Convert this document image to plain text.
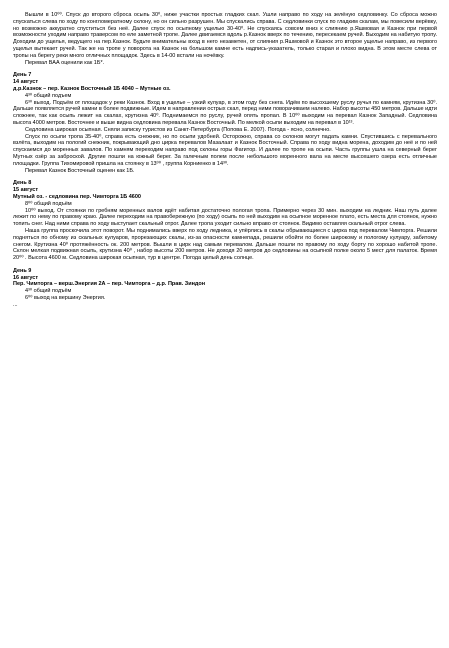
Вышли в 10⁰⁰. Спуск до второго сброса осыпь 30⁰, ниже участки простых гладких скал. Ушли направо по ходу на зелёную седловинку. Со сброса можно спускаться слева по ходу по конгломератному склону, но он сильно разрушен. Мы спускались справа. С седловинки спуск по гладким скалам, мы повесили верёвку, но возможно аккуратно спуститься без неё. Далее спуск по осыпному ущелью 30-40⁰. Не спускаясь совсем вниз к слиянию р.Яшмовая и Казнок при первой возможности уходим направо траверсом по еле заметной тропе. Далее двигаемся вдоль р.Казнок вверх по течению, пересекаем ручей. Выходим на набитую тропу. Доходим до ущелья, ведущего на пер.Казнок. Будьте внимательны вход в него незаметен, от слияния р.Яшмовой и Казнок это второе ущелье направо, из первого ущелья вытекает ручей. Так же на тропе у поворота на Казнок на большом камне есть надпись-указатель, только старая и плохо видна. В этом месте слева от тропы на берегу реки много отличных площадок. Здесь в 14-00 встали на ночёвку.

Перевал ВАА оценили как 1Б*.

День 7

14 август

д.р.Казнок – пер. Казнок Восточный 1Б 4040 – Мутные оз.

4³⁰ общий подъем

6³⁰ выход. Подъём от площадок у реки Казнок. Вход в ущелье – узкий кулуар, в этом году без снега. Идём по высохшему руслу ручья по камням, крутизна 30⁰. Дальше появляется ручей камни в более подвижные. Идем в направлении острых скал, перед ними поворачиваем налево. Набор высоты 450 метров. Дальше идти сложнее, так как осыпь лежит на скалах, крутизна 40⁰. Поднимаемся по руслу, ручей опять пропал. В 10⁰⁰ выходим на перевал Казнок Западный. Седловина высота 4000 метров. Восточнее и выше видна седловина перевала Казнок Восточный. По мелкой осыпи выходим на перевал в 10¹³.

Седловина широкая осыпная. Сняли записку туристов из Санкт-Петербурга (Попова Е. 2007). Погода - ясно, солнечно.

Спуск по осыпи тропа 35-40⁰, справа есть снежник, но по осыпи удобней. Осторожно, справа со склонов могут падать камни. Спустившись с перевального взлёта, выходим на пологий снежник, покрывающий дно цирка перевалов Мазалаат и Казнок Восточный. Справа по ходу видна морена, доходим до неё и по ней спускаемся до моренных завалов. По камням переходим направо под склоны горы Фагитор. И далее по тропе на осыпи. Часть группы ушла на северный берег Мутных озёр за заброской. Другие пошли на южный берег. За галечным полем после небольшого моренного вала на месте высохшего озера есть отличные площадки. Группа Тихомировой пришла на стоянку в 13⁰⁰ , группа Корниенко в 14³⁰.

Перевал Казнок Восточный оценен как 1Б.

День 8

15 август

Мутный оз. - седловина пер. Чимторга 1Б 4600

8⁰⁰ общий подъём

10⁰⁰ выход. От стоянки по гребням моренных валов идёт набитая достаточно пологая тропа. Примерно через 30 мин. выходим на ледник. Наш путь далее лежит по нему по правому краю. Далее переходим на правобережную (по ходу) осыпь по ней выходим на осыпное моренное плато, есть места для стоянок, нужно топить снег. Над ними справа по ходу выступает скальный отрог. Далее тропа уходит сильно вправо от стоянок. Видимо оставляя скальный отрог слева.

Наша группа проскочила этот поворот. Мы поднимались вверх по ходу ледника, и упёрлись в скалы обрывающиеся с цирка под перевалом Чимторга. Решили подняться по обному из скальных кулуаров, прорезающих скалы, из-за опасности камнепада, решили обойти по более широкому и пологому кулуару, забитому снегом. Крутизна 40⁰ протяжённость ок. 200 метров. Вышли в цирк над самым перевалом. Дальше пошли по правому по ходу борту по хорошо набитой тропе. Склон мелкая подвижная осыпь, крутизна 40⁰ , набор высоты 200 метров. Не доходя 20 метров до седловины на осыпной полке около 5 мест для палаток. Время 20⁰⁰ . Высота 4600 м. Седловина широкая осыпная, тур в центре. Погода целый день солнце.

День 9

16 август

Пер. Чимторга – верш.Энергия 2А – пер. Чимторга – д.р. Прав. Зиндон

4³⁰ общий подъём

6⁰⁰ выход на вершину Энергия.

...
